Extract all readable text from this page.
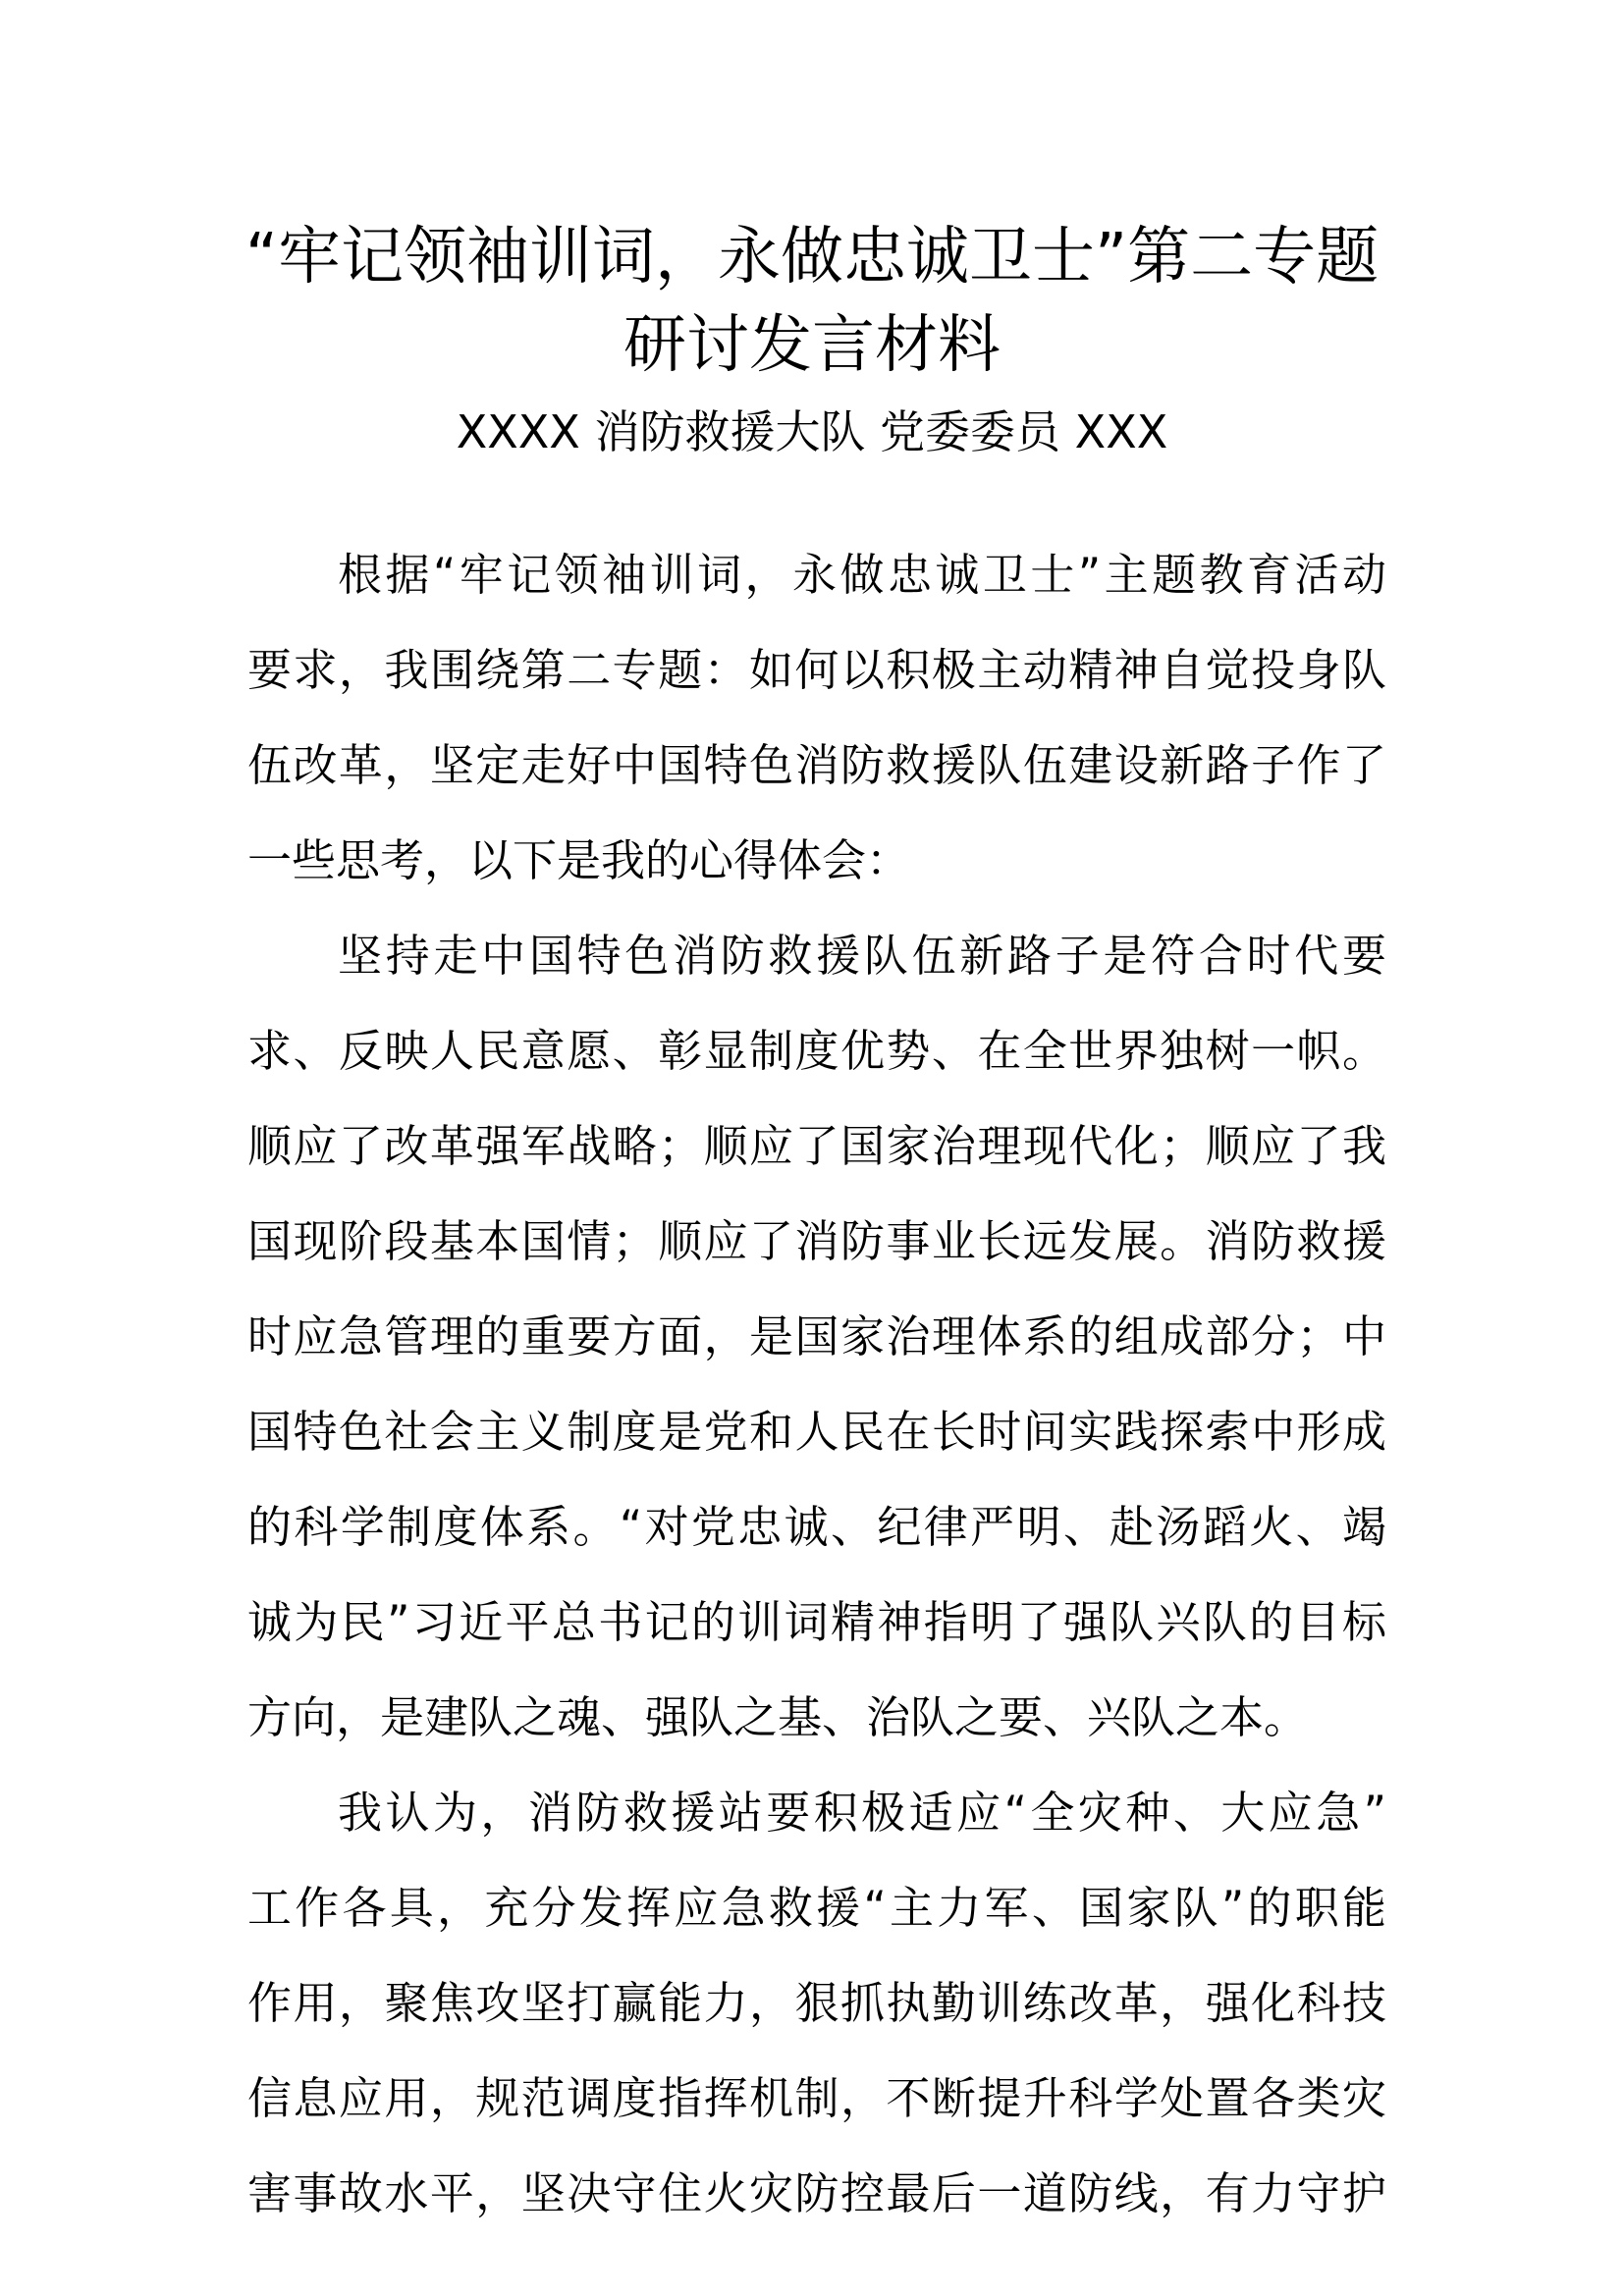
“牢记领袖训词，永做忠诚卫士”第二专题
研讨发言材料
XXXX 消防救援大队 党委委员 XXX
根据“牢记领袖训词，永做忠诚卫士”主题教育活动
要求，我围绕第二专题：如何以积极主动精神自觉投身队
伍改革，坚定走好中国特色消防救援队伍建设新路子作了
一些思考，以下是我的心得体会：
坚持走中国特色消防救援队伍新路子是符合时代要
求、反映人民意愿、彰显制度优势、在全世界独树一帜。
顺应了改革强军战略；顺应了国家治理现代化；顺应了我
国现阶段基本国情；顺应了消防事业长远发展。消防救援
时应急管理的重要方面，是国家治理体系的组成部分；中
国特色社会主义制度是党和人民在长时间实践探索中形成
的科学制度体系。“对党忠诚、纪律严明、赴汤蹈火、竭
诚为民”习近平总书记的训词精神指明了强队兴队的目标
方向，是建队之魂、强队之基、治队之要、兴队之本。
我认为，消防救援站要积极适应“全灾种、大应急”
工作各具，充分发挥应急救援“主力军、国家队”的职能
作用，聚焦攻坚打赢能力，狠抓执勤训练改革，强化科技
信息应用，规范调度指挥机制，不断提升科学处置各类灾
害事故水平，坚决守住火灾防控最后一道防线，有力守护
